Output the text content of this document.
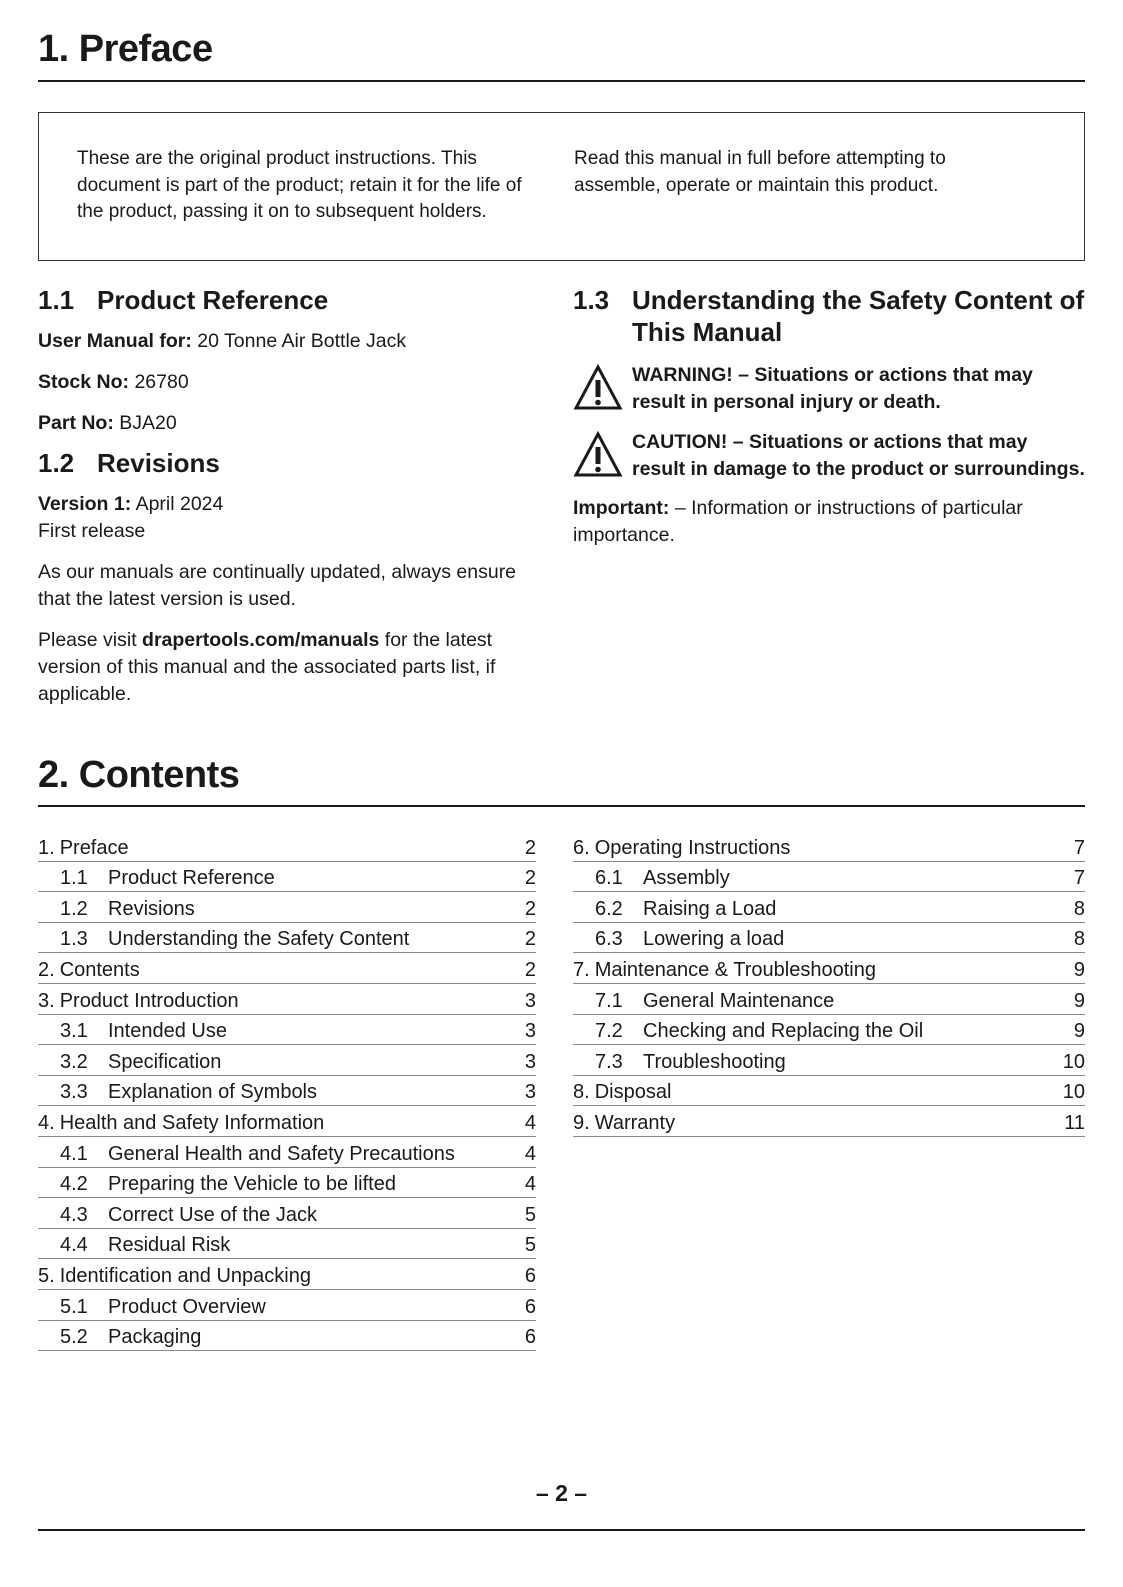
1. Preface

These are the original product instructions. This document is part of the product; retain it for the life of the product, passing it on to subsequent holders.

Read this manual in full before attempting to assemble, operate or maintain this product.

1.1 Product Reference

User Manual for: 20 Tonne Air Bottle Jack

Stock No: 26780

Part No: BJA20

1.2 Revisions

Version 1: April 2024

First release

As our manuals are continually updated, always ensure that the latest version is used.

Please visit drapertools.com/manuals for the latest version of this manual and the associated parts list, if applicable.

1.3 Understanding the Safety Content of This Manual
WARNING! – Situations or actions that may result in personal injury or death.
CAUTION! – Situations or actions that may result in damage to the product or surroundings.

Important: – Information or instructions of particular importance.

2. Contents
1. Preface	2
1.1	Product Reference	2
1.2	Revisions	2
1.3	Understanding the Safety Content	2
2. Contents	2
3. Product Introduction	3
3.1	Intended Use	3
3.2	Specification	3
3.3	Explanation of Symbols	3
4. Health and Safety Information	4
4.1	General Health and Safety Precautions	4
4.2	Preparing the Vehicle to be lifted	4
4.3	Correct Use of the Jack	5
4.4	Residual Risk	5
5. Identification and Unpacking	6
5.1	Product Overview	6
5.2	Packaging	6
6. Operating Instructions	7
6.1	Assembly	7
6.2	Raising a Load	8
6.3	Lowering a load	8
7. Maintenance & Troubleshooting	9
7.1	General Maintenance	9
7.2	Checking and Replacing the Oil	9
7.3	Troubleshooting	10
8. Disposal	10
9. Warranty	11
– 2 –
